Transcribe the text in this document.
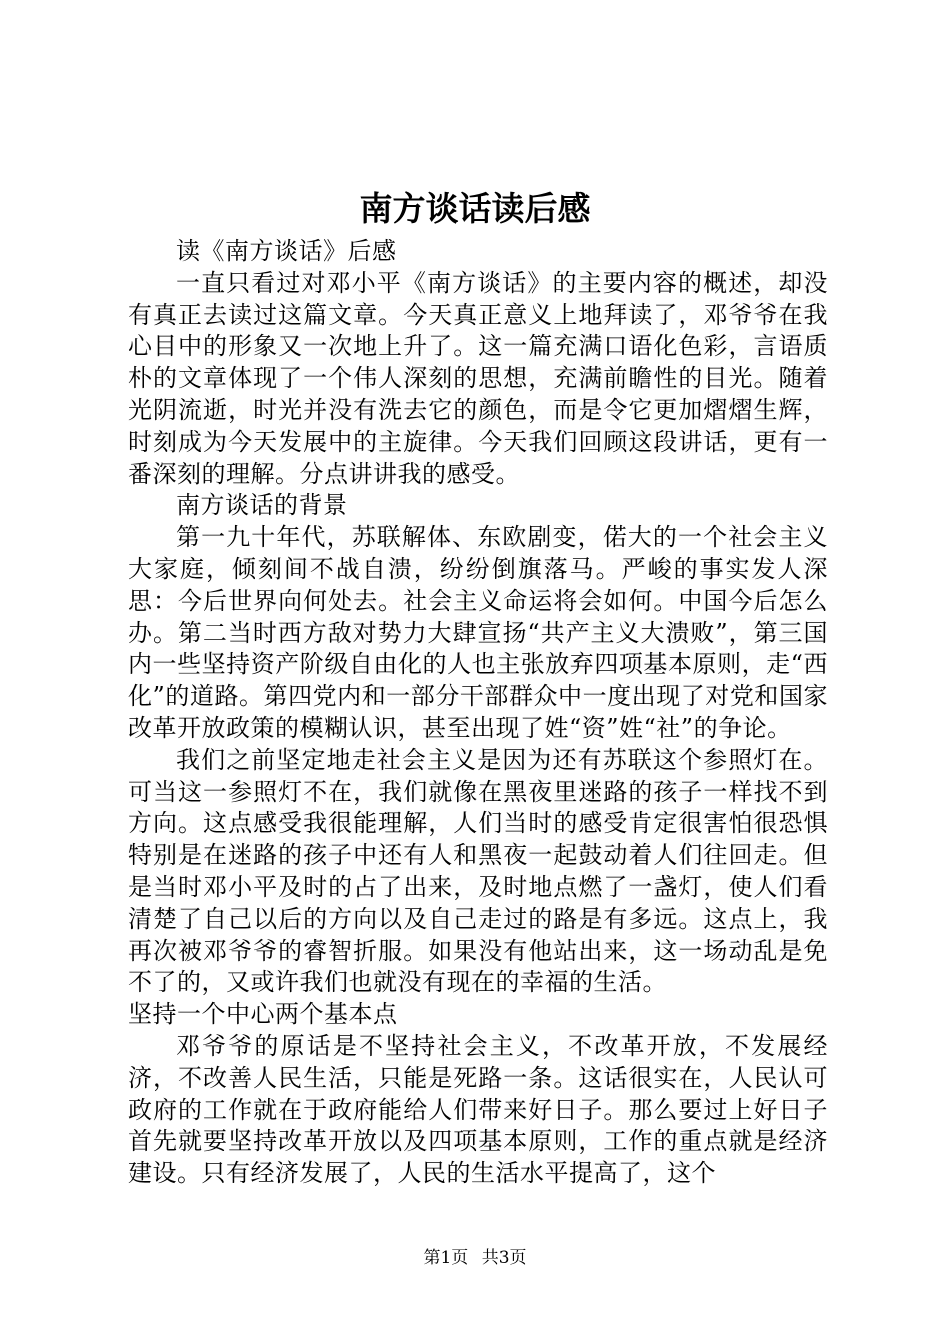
南方谈话读后感

读《南方谈话》后感

一直只看过对邓小平《南方谈话》的主要内容的概述，却没有真正去读过这篇文章。今天真正意义上地拜读了，邓爷爷在我心目中的形象又一次地上升了。这一篇充满口语化色彩，言语质朴的文章体现了一个伟人深刻的思想，充满前瞻性的目光。随着光阴流逝，时光并没有洗去它的颜色，而是令它更加熠熠生辉，时刻成为今天发展中的主旋律。今天我们回顾这段讲话，更有一番深刻的理解。分点讲讲我的感受。

南方谈话的背景

第一九十年代，苏联解体、东欧剧变，偌大的一个社会主义大家庭，倾刻间不战自溃，纷纷倒旗落马。严峻的事实发人深思：今后世界向何处去。社会主义命运将会如何。中国今后怎么办。第二当时西方敌对势力大肆宣扬“共产主义大溃败”，第三国内一些坚持资产阶级自由化的人也主张放弃四项基本原则，走“西化”的道路。第四党内和一部分干部群众中一度出现了对党和国家改革开放政策的模糊认识，甚至出现了姓“资”姓“社”的争论。

我们之前坚定地走社会主义是因为还有苏联这个参照灯在。可当这一参照灯不在，我们就像在黑夜里迷路的孩子一样找不到方向。这点感受我很能理解，人们当时的感受肯定很害怕很恐惧特别是在迷路的孩子中还有人和黑夜一起鼓动着人们往回走。但是当时邓小平及时的占了出来，及时地点燃了一盏灯，使人们看清楚了自己以后的方向以及自己走过的路是有多远。这点上，我再次被邓爷爷的睿智折服。如果没有他站出来，这一场动乱是免不了的，又或许我们也就没有现在的幸福的生活。

坚持一个中心两个基本点

邓爷爷的原话是不坚持社会主义，不改革开放，不发展经济，不改善人民生活，只能是死路一条。这话很实在，人民认可政府的工作就在于政府能给人们带来好日子。那么要过上好日子首先就要坚持改革开放以及四项基本原则，工作的重点就是经济建设。只有经济发展了，人民的生活水平提高了，这个

第1页 共3页
